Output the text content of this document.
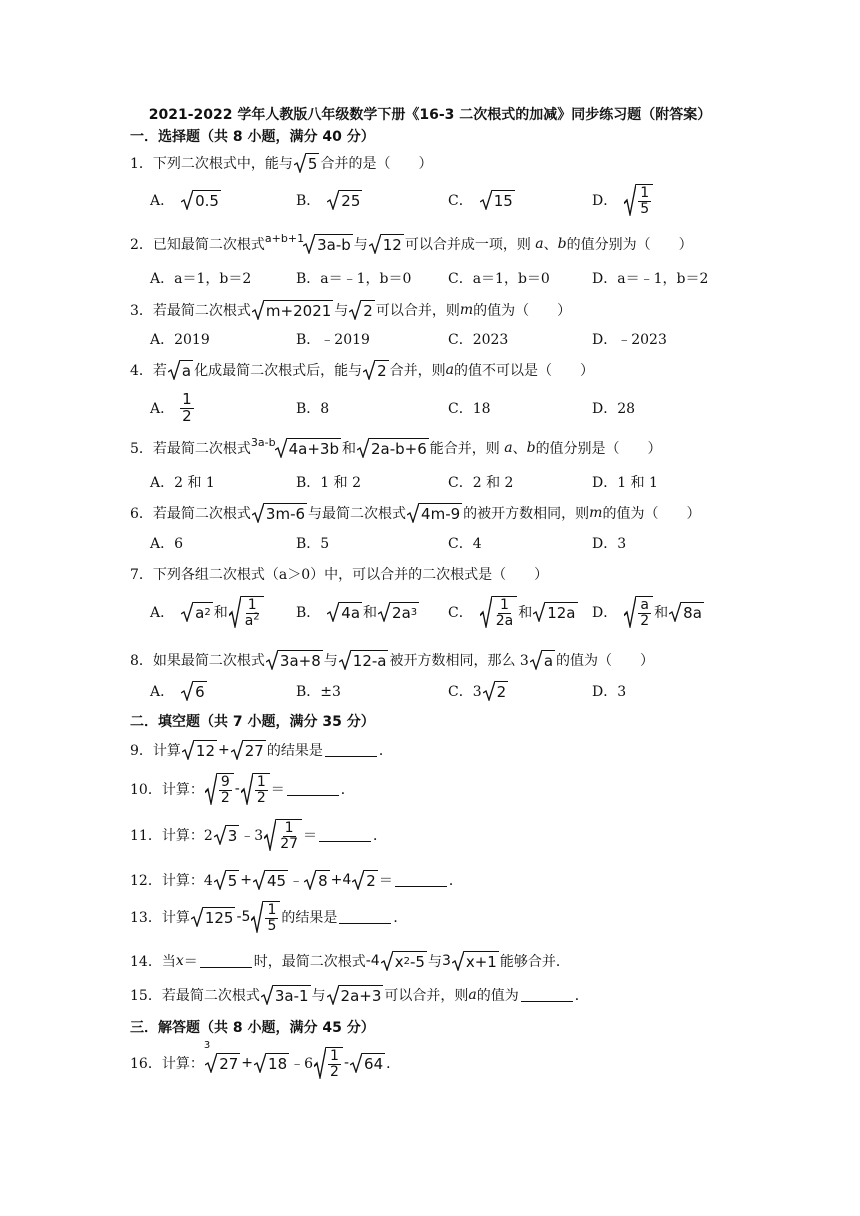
2021-2022 学年人教版八年级数学下册《16-3 二次根式的加减》同步练习题（附答案）
一．选择题（共 8 小题，满分 40 分）
1．下列二次根式中，能与 5 合并的是（　　）
A． 0.5	B． 25	C． 15	D． $\frac{1}{5}$
2．已知最简二次根式 a+b+1 3a-b 与 12 可以合并成一项，则
a 、 b 的值分别为（　　）
A．a＝1，b＝2	B．a＝﹣1，b＝0	C．a＝1，b＝0	D．a＝﹣1，b＝2
3．若最简二次根式 m+2021 与 2 可以合并，则 m 的值为（　　）
A．2019	B．﹣2019	C．2023	D．﹣2023
4．若 a 化成最简二次根式后，能与 2 合并，则 a 的值不可以是（　　）
A． $\frac{1}{2}$	B．8	C．18	D．28
5．若最简二次根式 3a-b 4a+3b 和 2a-b+6 能合并，则
a 、 b 的值分别是（　　）
A．2 和 1	B．1 和 2	C．2 和 2	D．1 和 1
6．若最简二次根式 3m-6 与最简二次根式 4m-9 的被开方数相同，则 m 的值为（　　）
A．6	B．5	C．4	D．3
7．下列各组二次根式（a＞0）中，可以合并的二次根式是（　　）
A． a 2 和 $\frac{1}{a^2}$ B． 4a 和 2a 3 C． $\frac{1}{2a}$ 和 12a D． $\frac{a}{2}$ 和 8a
8．如果最简二次根式 3a+8 与 12-a 被开方数相同，那么 3 a 的值为（　　）
A． 6	B．±3	C．3 2	D．3
二．填空题（共 7 小题，满分 35 分）
9．计算 12 + 27 的结果是	．
10．计算： $\frac{9}{2} - \frac{1}{2}$ ＝	．
11．计算：2 3 ﹣3 $\frac{1}{27}$ ＝	．
12．计算：4 5 + 45 ﹣ 8 +4 2 ＝	．
13．计算 125 $-5 \frac{1}{5}$ 的结果是	．
14．当 x ＝	时，最简二次根式 -4 x 2 -5 与 3 x+1 能够合并．
15．若最简二次根式 3a-1 与 2a+3 可以合并，则 a 的值为	．
三．解答题（共 8 小题，满分 45 分）
16．计算：
3
27 + 18 ﹣6 $\frac{1}{2} - 64$ ．
